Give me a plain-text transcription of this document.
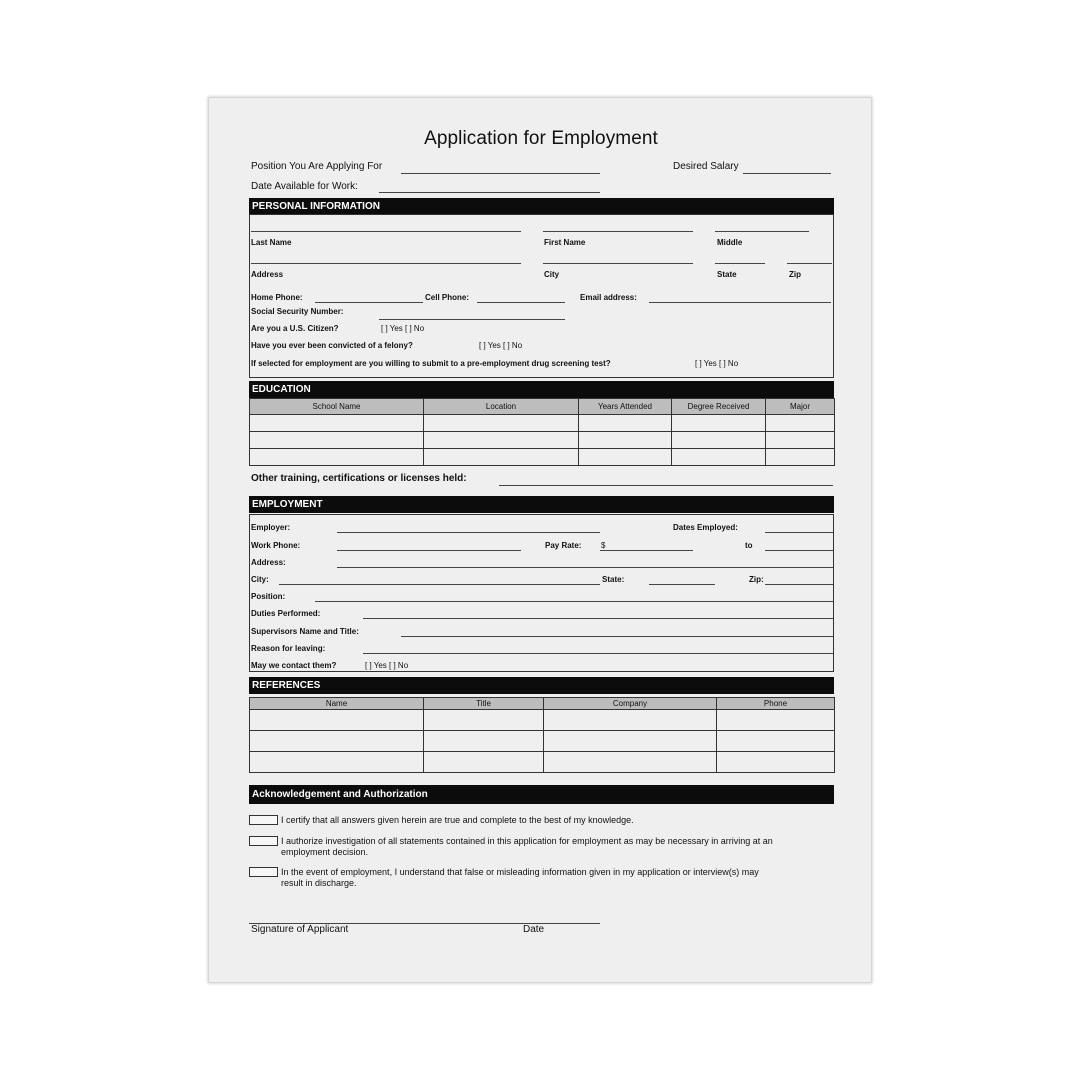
Application for Employment
Position You Are Applying For	Desired Salary
Date Available for Work:
PERSONAL INFORMATION
Last Name	First Name	Middle
Address	City	State	Zip
Home Phone:	Cell Phone:	Email address:
Social Security Number:
Are you a U.S. Citizen?	[ ] Yes [ ] No
Have you ever been convicted of a felony?	[ ] Yes [ ] No
If selected for employment are you willing to submit to a pre-employment drug screening test?	[ ] Yes [ ] No
EDUCATION
School Name	Location	Years Attended	Degree Received	Major

Other training, certifications or licenses held:
EMPLOYMENT
Employer:	Dates Employed:
Work Phone:	Pay Rate: $	to
Address:
City:	State:	Zip:
Position:
Duties Performed:
Supervisors Name and Title:
Reason for leaving:
May we contact them?	[ ] Yes [ ] No
REFERENCES
Name	Title	Company	Phone

Acknowledgement and Authorization
I certify that all answers given herein are true and complete to the best of my knowledge.
I authorize investigation of all statements contained in this application for employment as may be necessary in arriving at an employment decision.
In the event of employment, I understand that false or misleading information given in my application or interview(s) may result in discharge.
Signature of Applicant	Date
